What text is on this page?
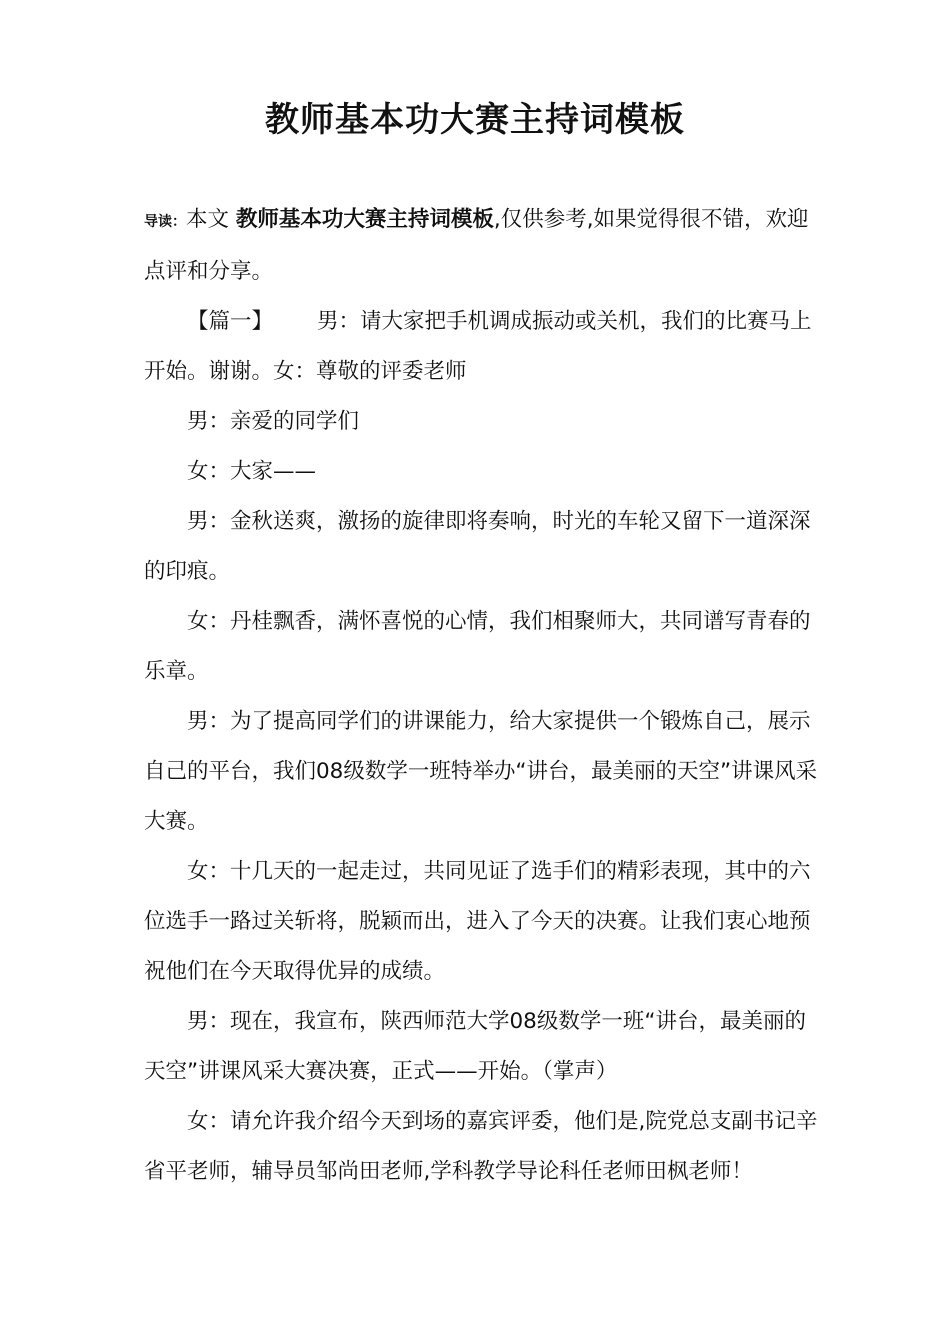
教师基本功大赛主持词模板

导读：本文 教师基本功大赛主持词模板,仅供参考,如果觉得很不错，欢迎点评和分享。

【篇一】 男：请大家把手机调成振动或关机，我们的比赛马上开始。谢谢。女：尊敬的评委老师

男：亲爱的同学们

女：大家——

男：金秋送爽，激扬的旋律即将奏响，时光的车轮又留下一道深深的印痕。

女：丹桂飘香，满怀喜悦的心情，我们相聚师大，共同谱写青春的乐章。

男：为了提高同学们的讲课能力，给大家提供一个锻炼自己，展示自己的平台，我们08级数学一班特举办“讲台，最美丽的天空”讲课风采大赛。

女：十几天的一起走过，共同见证了选手们的精彩表现，其中的六位选手一路过关斩将，脱颖而出，进入了今天的决赛。让我们衷心地预祝他们在今天取得优异的成绩。

男：现在，我宣布，陕西师范大学08级数学一班“讲台，最美丽的天空”讲课风采大赛决赛，正式——开始。（掌声）

女：请允许我介绍今天到场的嘉宾评委，他们是,院党总支副书记辛省平老师，辅导员邹尚田老师,学科教学导论科任老师田枫老师！
